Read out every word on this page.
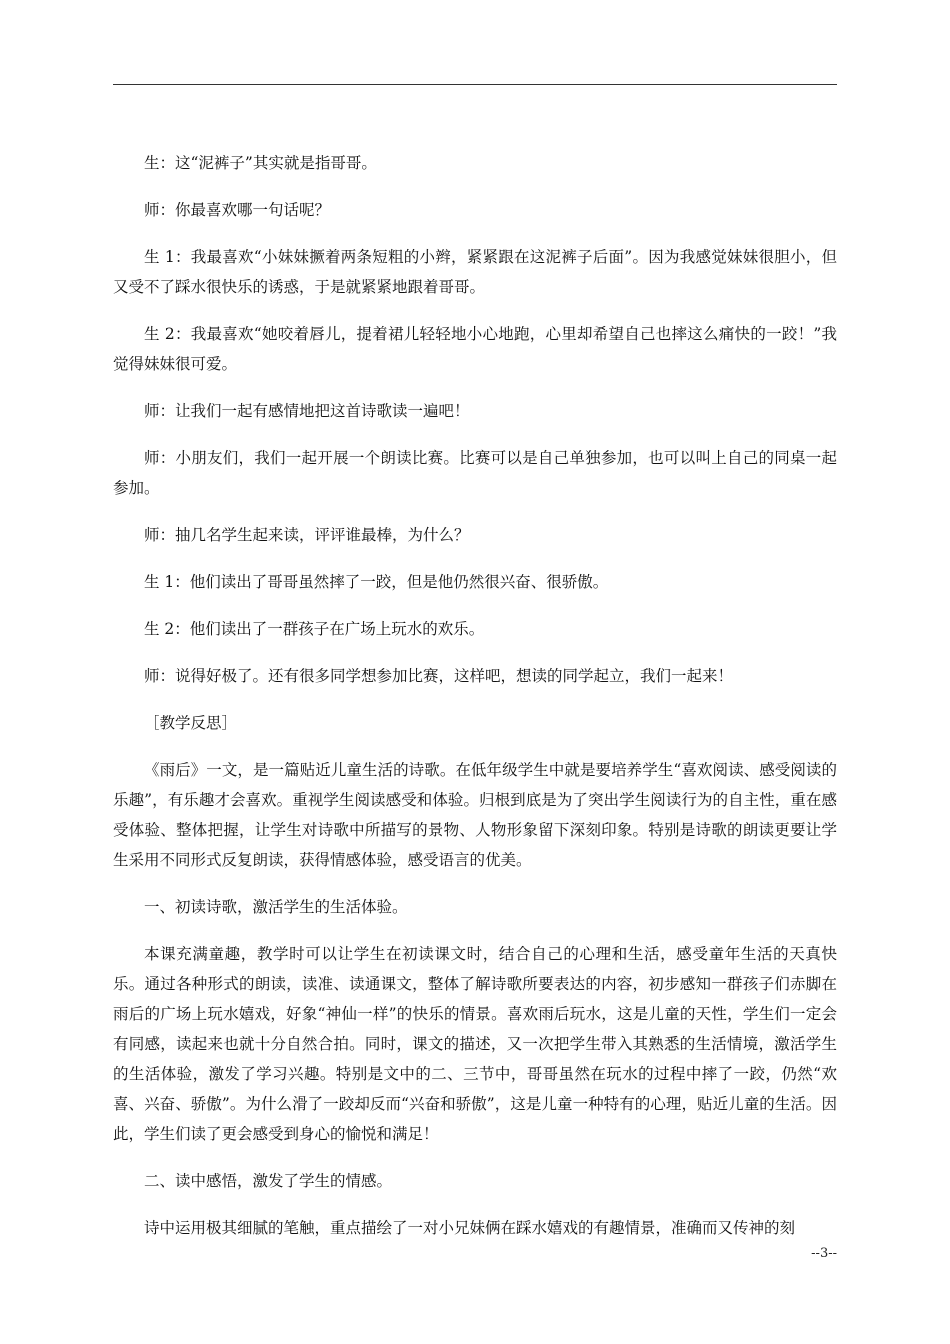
生：这“泥裤子”其实就是指哥哥。

师：你最喜欢哪一句话呢？

生 1：我最喜欢“小妹妹撅着两条短粗的小辫，紧紧跟在这泥裤子后面”。因为我感觉妹妹很胆小，但又受不了踩水很快乐的诱惑，于是就紧紧地跟着哥哥。

生 2：我最喜欢“她咬着唇儿，提着裙儿轻轻地小心地跑，心里却希望自己也摔这么痛快的一跤！”我觉得妹妹很可爱。

师：让我们一起有感情地把这首诗歌读一遍吧！

师：小朋友们，我们一起开展一个朗读比赛。比赛可以是自己单独参加，也可以叫上自己的同桌一起参加。

师：抽几名学生起来读，评评谁最棒，为什么？

生 1：他们读出了哥哥虽然摔了一跤，但是他仍然很兴奋、很骄傲。

生 2：他们读出了一群孩子在广场上玩水的欢乐。

师：说得好极了。还有很多同学想参加比赛，这样吧，想读的同学起立，我们一起来！

［教学反思］

《雨后》一文，是一篇贴近儿童生活的诗歌。在低年级学生中就是要培养学生“喜欢阅读、感受阅读的乐趣”，有乐趣才会喜欢。重视学生阅读感受和体验。归根到底是为了突出学生阅读行为的自主性，重在感受体验、整体把握，让学生对诗歌中所描写的景物、人物形象留下深刻印象。特别是诗歌的朗读更要让学生采用不同形式反复朗读，获得情感体验，感受语言的优美。

一、初读诗歌，激活学生的生活体验。

本课充满童趣，教学时可以让学生在初读课文时，结合自己的心理和生活，感受童年生活的天真快乐。通过各种形式的朗读，读准、读通课文，整体了解诗歌所要表达的内容，初步感知一群孩子们赤脚在雨后的广场上玩水嬉戏，好象“神仙一样”的快乐的情景。喜欢雨后玩水，这是儿童的天性，学生们一定会有同感，读起来也就十分自然合拍。同时，课文的描述，又一次把学生带入其熟悉的生活情境，激活学生的生活体验，激发了学习兴趣。特别是文中的二、三节中，哥哥虽然在玩水的过程中摔了一跤，仍然“欢喜、兴奋、骄傲”。为什么滑了一跤却反而“兴奋和骄傲”，这是儿童一种特有的心理，贴近儿童的生活。因此，学生们读了更会感受到身心的愉悦和满足！

二、读中感悟，激发了学生的情感。

诗中运用极其细腻的笔触，重点描绘了一对小兄妹俩在踩水嬉戏的有趣情景，准确而又传神的刻

--3--
